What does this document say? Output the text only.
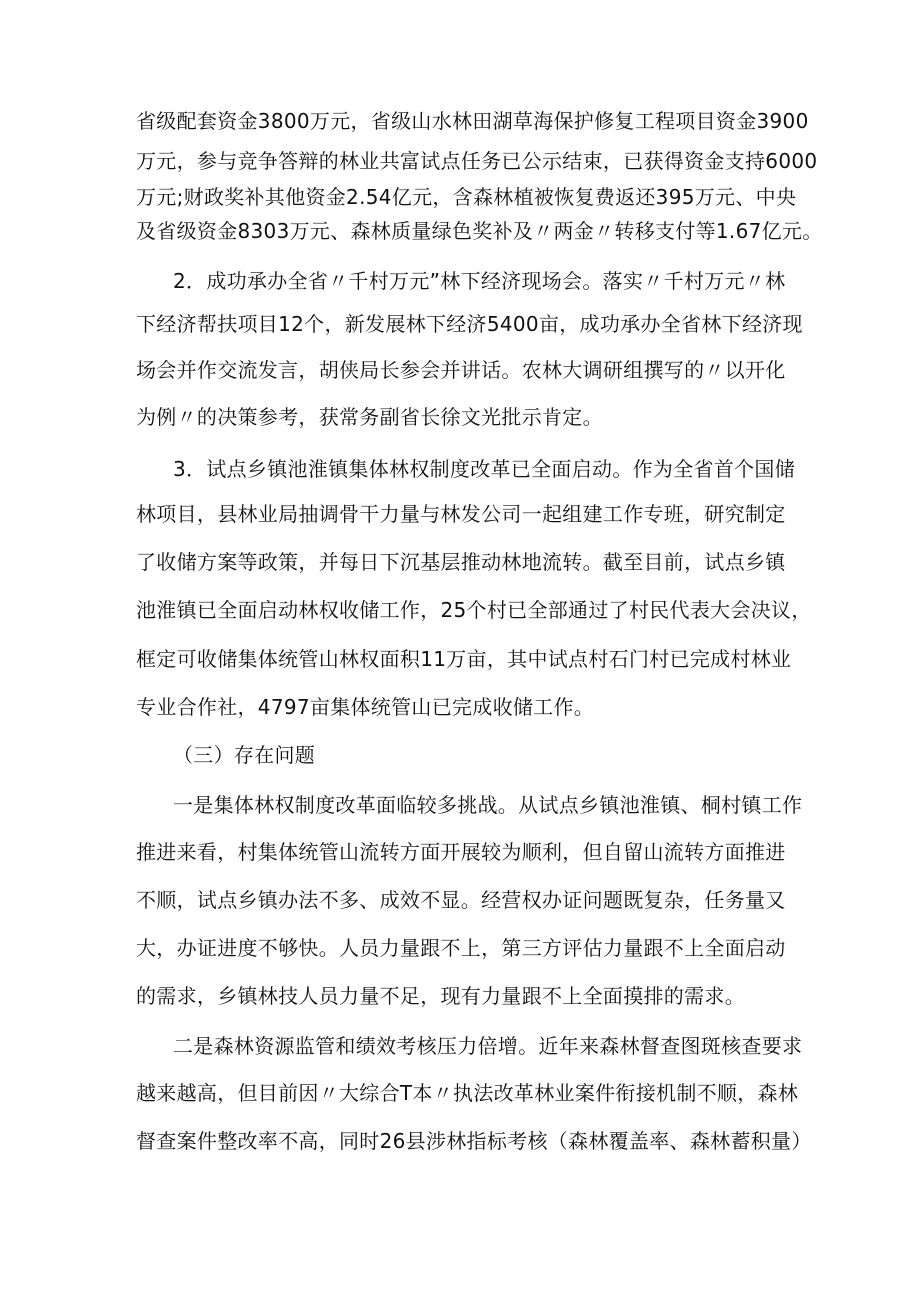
省级配套资金3800万元，省级山水林田湖草海保护修复工程项目资金3900
万元，参与竞争答辩的林业共富试点任务已公示结束，已获得资金支持6000
万元;财政奖补其他资金2.54亿元，含森林植被恢复费返还395万元、中央
及省级资金8303万元、森林质量绿色奖补及〃两金〃转移支付等1.67亿元。
2．成功承办全省〃千村万元”林下经济现场会。落实〃千村万元〃林
下经济帮扶项目12个，新发展林下经济5400亩，成功承办全省林下经济现
场会并作交流发言，胡侠局长参会并讲话。农林大调研组撰写的〃以开化
为例〃的决策参考，获常务副省长徐文光批示肯定。
3．试点乡镇池淮镇集体林权制度改革已全面启动。作为全省首个国储
林项目，县林业局抽调骨干力量与林发公司一起组建工作专班，研究制定
了收储方案等政策，并每日下沉基层推动林地流转。截至目前，试点乡镇
池淮镇已全面启动林权收储工作，25个村已全部通过了村民代表大会决议，
框定可收储集体统管山林权面积11万亩，其中试点村石门村已完成村林业
专业合作社，4797亩集体统管山已完成收储工作。
（三）存在问题
一是集体林权制度改革面临较多挑战。从试点乡镇池淮镇、桐村镇工作
推进来看，村集体统管山流转方面开展较为顺利，但自留山流转方面推进
不顺，试点乡镇办法不多、成效不显。经营权办证问题既复杂，任务量又
大，办证进度不够快。人员力量跟不上，第三方评估力量跟不上全面启动
的需求，乡镇林技人员力量不足，现有力量跟不上全面摸排的需求。
二是森林资源监管和绩效考核压力倍增。近年来森林督查图斑核查要求
越来越高，但目前因〃大综合T本〃执法改革林业案件衔接机制不顺，森林
督查案件整改率不高，同时26县涉林指标考核（森林覆盖率、森林蓄积量）
